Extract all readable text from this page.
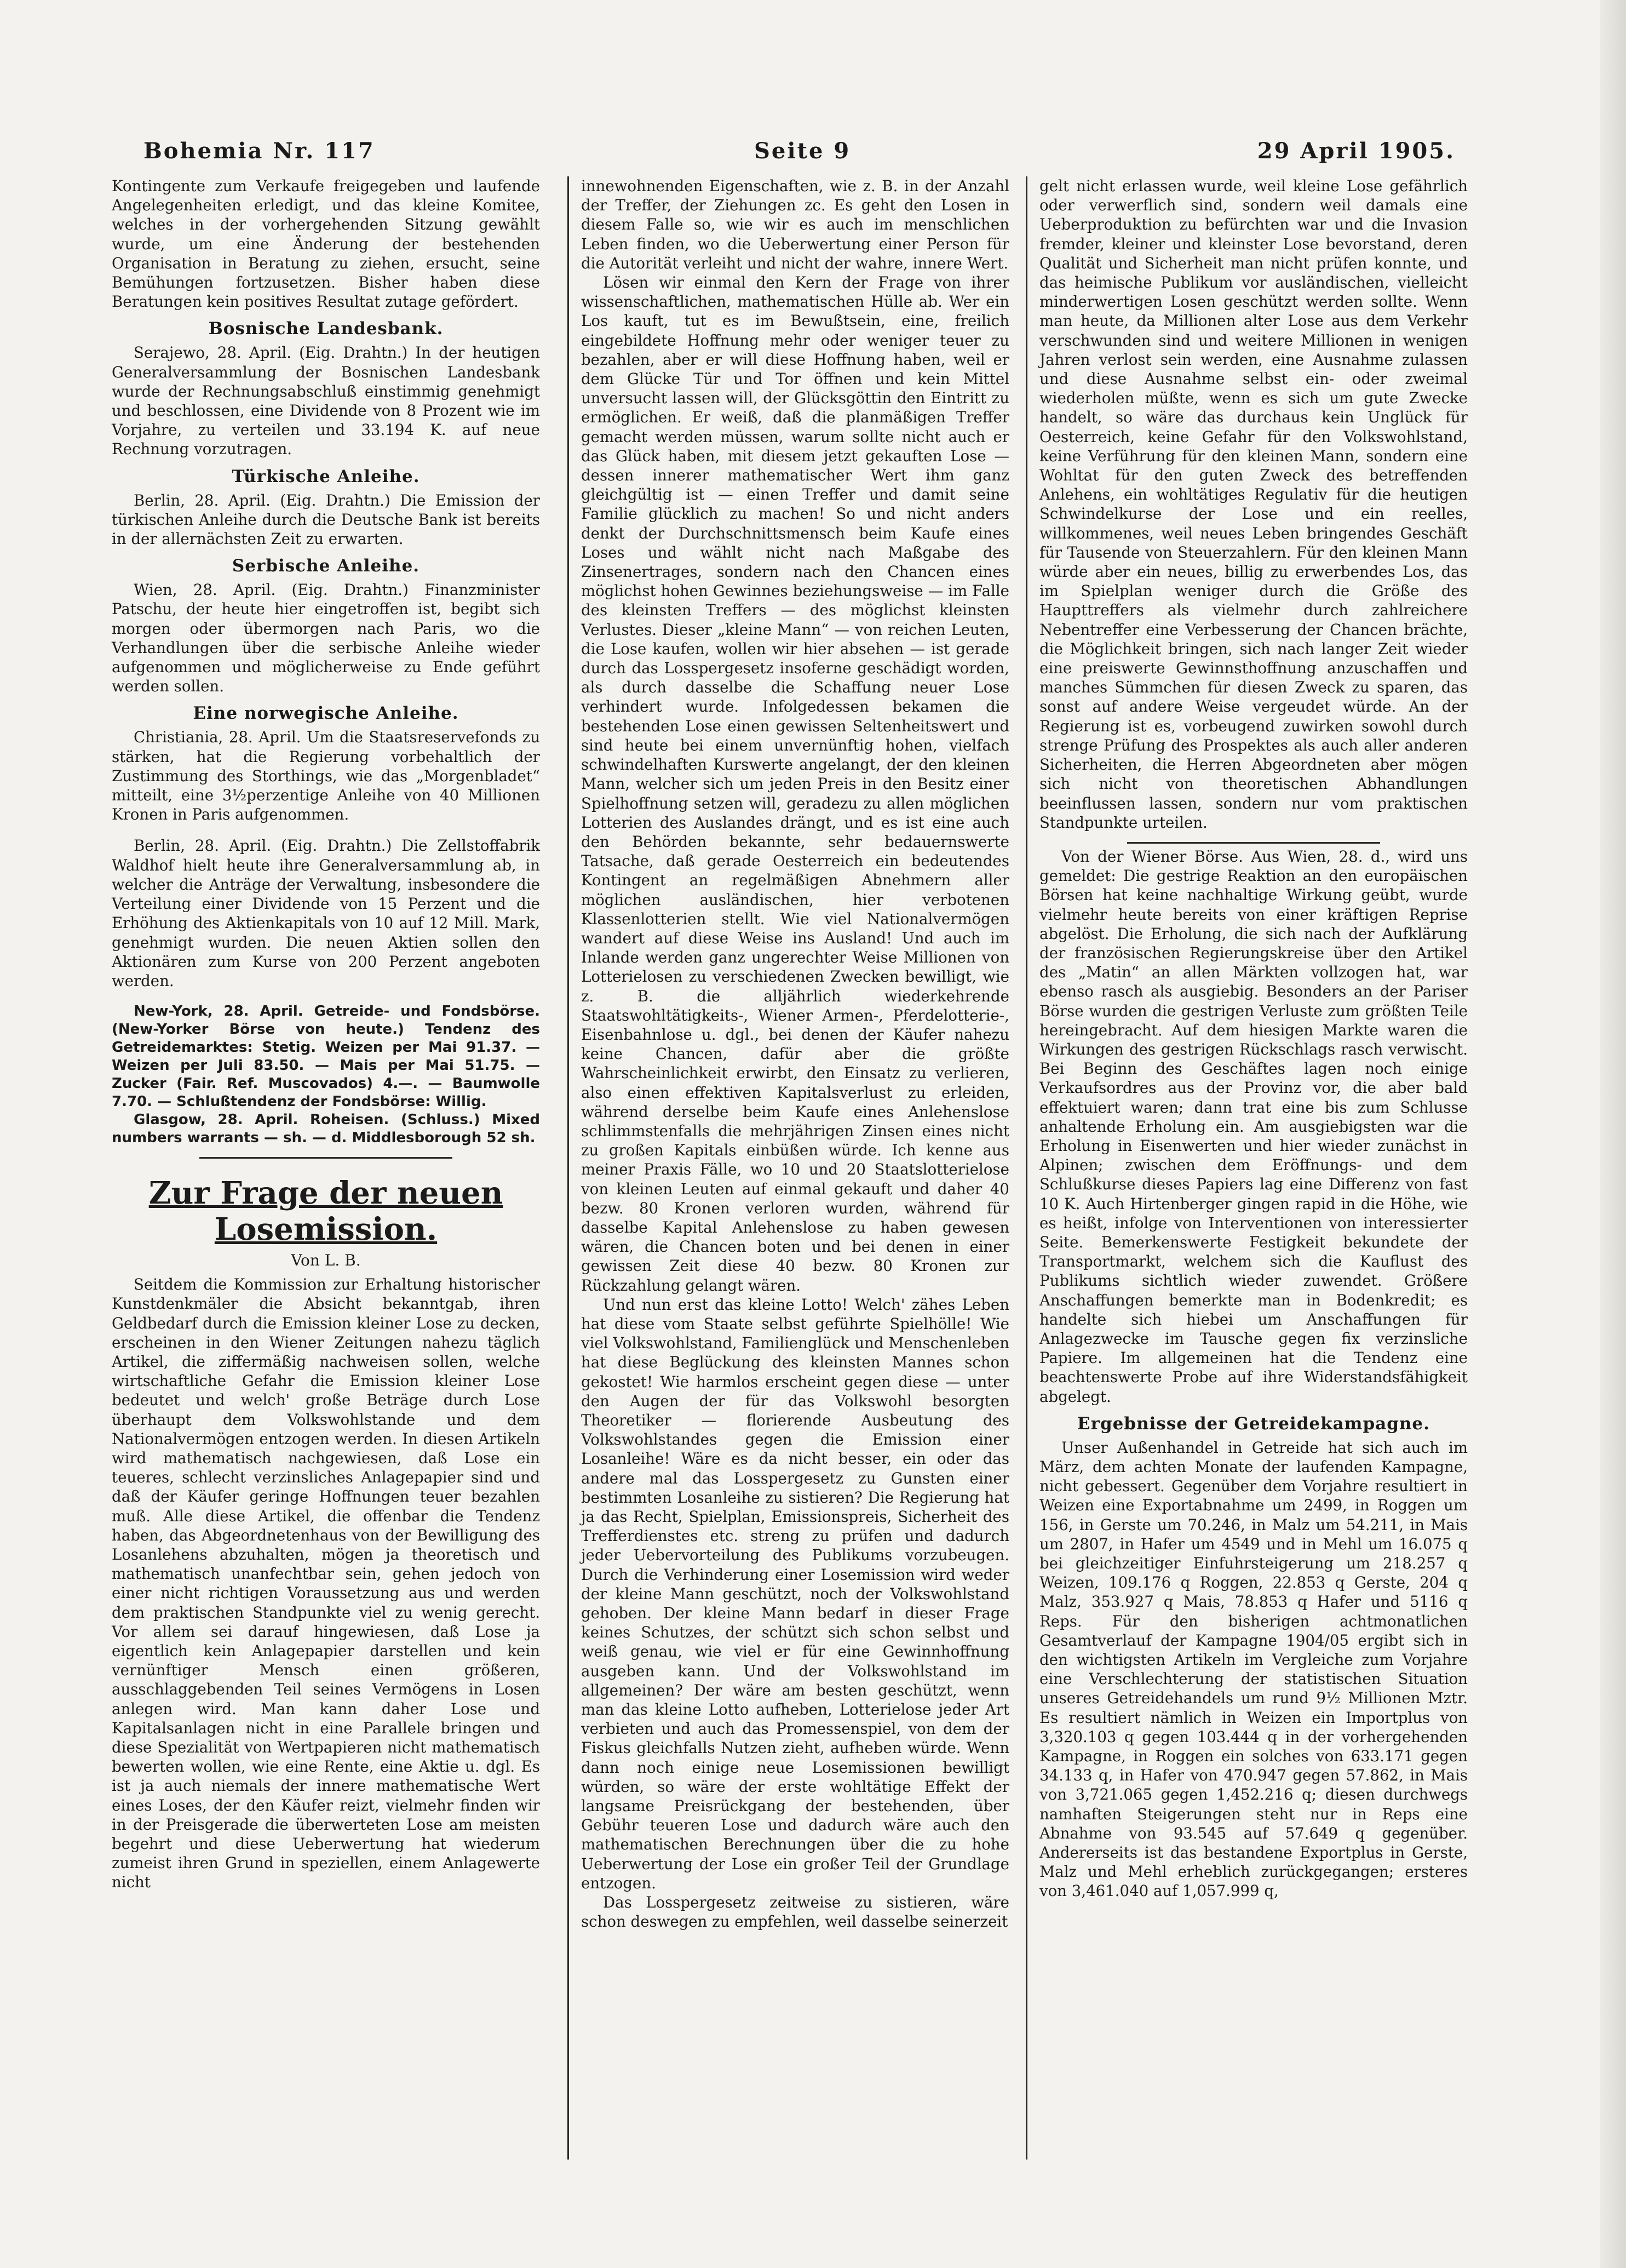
Bohemia Nr. 117	Seite 9	29 April 1905.

Kontingente zum Verkaufe freigegeben und laufende Angelegenheiten erledigt, und das kleine Komitee, welches in der vorhergehenden Sitzung gewählt wurde, um eine Änderung der bestehenden Organisation in Beratung zu ziehen, ersucht, seine Bemühungen fortzusetzen. Bisher haben diese Beratungen kein positives Resultat zutage gefördert.

Bosnische Landesbank.

Serajewo, 28. April. (Eig. Drahtn.) In der heutigen Generalversammlung der Bosnischen Landesbank wurde der Rechnungsabschluß einstimmig genehmigt und beschlossen, eine Dividende von 8 Prozent wie im Vorjahre, zu verteilen und 33.194 K. auf neue Rechnung vorzutragen.

Türkische Anleihe.

Berlin, 28. April. (Eig. Drahtn.) Die Emission der türkischen Anleihe durch die Deutsche Bank ist bereits in der allernächsten Zeit zu erwarten.

Serbische Anleihe.

Wien, 28. April. (Eig. Drahtn.) Finanzminister Patschu, der heute hier eingetroffen ist, begibt sich morgen oder übermorgen nach Paris, wo die Verhandlungen über die serbische Anleihe wieder aufgenommen und möglicherweise zu Ende geführt werden sollen.

Eine norwegische Anleihe.

Christiania, 28. April. Um die Staatsreservefonds zu stärken, hat die Regierung vorbehaltlich der Zustimmung des Storthings, wie das „Morgenbladet“ mitteilt, eine 3½perzentige Anleihe von 40 Millionen Kronen in Paris aufgenommen.

Berlin, 28. April. (Eig. Drahtn.) Die Zellstoffabrik Waldhof hielt heute ihre Generalversammlung ab, in welcher die Anträge der Verwaltung, insbesondere die Verteilung einer Dividende von 15 Perzent und die Erhöhung des Aktienkapitals von 10 auf 12 Mill. Mark, genehmigt wurden. Die neuen Aktien sollen den Aktionären zum Kurse von 200 Perzent angeboten werden.

New-York, 28. April. Getreide- und Fondsbörse. (New-Yorker Börse von heute.) Tendenz des Getreidemarktes: Stetig. Weizen per Mai 91.37. — Weizen per Juli 83.50. — Mais per Mai 51.75. — Zucker (Fair. Ref. Muscovados) 4.—. — Baumwolle 7.70. — Schlußtendenz der Fondsbörse: Willig.

Glasgow, 28. April. Roheisen. (Schluss.) Mixed numbers warrants — sh. — d. Middlesborough 52 sh.

Zur Frage der neuen Losemission.
Von L. B.

Seitdem die Kommission zur Erhaltung historischer Kunstdenkmäler die Absicht bekanntgab, ihren Geldbedarf durch die Emission kleiner Lose zu decken, erscheinen in den Wiener Zeitungen nahezu täglich Artikel, die ziffermäßig nachweisen sollen, welche wirtschaftliche Gefahr die Emission kleiner Lose bedeutet und welch' große Beträge durch Lose überhaupt dem Volkswohlstande und dem Nationalvermögen entzogen werden. In diesen Artikeln wird mathematisch nachgewiesen, daß Lose ein teueres, schlecht verzinsliches Anlagepapier sind und daß der Käufer geringe Hoffnungen teuer bezahlen muß. Alle diese Artikel, die offenbar die Tendenz haben, das Abgeordnetenhaus von der Bewilligung des Losanlehens abzuhalten, mögen ja theoretisch und mathematisch unanfechtbar sein, gehen jedoch von einer nicht richtigen Voraussetzung aus und werden dem praktischen Standpunkte viel zu wenig gerecht. Vor allem sei darauf hingewiesen, daß Lose ja eigentlich kein Anlagepapier darstellen und kein vernünftiger Mensch einen größeren, ausschlaggebenden Teil seines Vermögens in Losen anlegen wird. Man kann daher Lose und Kapitalsanlagen nicht in eine Parallele bringen und diese Spezialität von Wertpapieren nicht mathematisch bewerten wollen, wie eine Rente, eine Aktie u. dgl. Es ist ja auch niemals der innere mathematische Wert eines Loses, der den Käufer reizt, vielmehr finden wir in der Preisgerade die überwerteten Lose am meisten begehrt und diese Ueberwertung hat wiederum zumeist ihren Grund in speziellen, einem Anlagewerte nicht

innewohnenden Eigenschaften, wie z. B. in der Anzahl der Treffer, der Ziehungen zc. Es geht den Losen in diesem Falle so, wie wir es auch im menschlichen Leben finden, wo die Ueberwertung einer Person für die Autorität verleiht und nicht der wahre, innere Wert.

Lösen wir einmal den Kern der Frage von ihrer wissenschaftlichen, mathematischen Hülle ab. Wer ein Los kauft, tut es im Bewußtsein, eine, freilich eingebildete Hoffnung mehr oder weniger teuer zu bezahlen, aber er will diese Hoffnung haben, weil er dem Glücke Tür und Tor öffnen und kein Mittel unversucht lassen will, der Glücksgöttin den Eintritt zu ermöglichen. Er weiß, daß die planmäßigen Treffer gemacht werden müssen, warum sollte nicht auch er das Glück haben, mit diesem jetzt gekauften Lose — dessen innerer mathematischer Wert ihm ganz gleichgültig ist — einen Treffer und damit seine Familie glücklich zu machen! So und nicht anders denkt der Durchschnittsmensch beim Kaufe eines Loses und wählt nicht nach Maßgabe des Zinsenertrages, sondern nach den Chancen eines möglichst hohen Gewinnes beziehungsweise — im Falle des kleinsten Treffers — des möglichst kleinsten Verlustes. Dieser „kleine Mann“ — von reichen Leuten, die Lose kaufen, wollen wir hier absehen — ist gerade durch das Losspergesetz insoferne geschädigt worden, als durch dasselbe die Schaffung neuer Lose verhindert wurde. Infolgedessen bekamen die bestehenden Lose einen gewissen Seltenheitswert und sind heute bei einem unvernünftig hohen, vielfach schwindelhaften Kurswerte angelangt, der den kleinen Mann, welcher sich um jeden Preis in den Besitz einer Spielhoffnung setzen will, geradezu zu allen möglichen Lotterien des Auslandes drängt, und es ist eine auch den Behörden bekannte, sehr bedauernswerte Tatsache, daß gerade Oesterreich ein bedeutendes Kontingent an regelmäßigen Abnehmern aller möglichen ausländischen, hier verbotenen Klassenlotterien stellt. Wie viel Nationalvermögen wandert auf diese Weise ins Ausland! Und auch im Inlande werden ganz ungerechter Weise Millionen von Lotterielosen zu verschiedenen Zwecken bewilligt, wie z. B. die alljährlich wiederkehrende Staatswohltätigkeits-, Wiener Armen-, Pferdelotterie-, Eisenbahnlose u. dgl., bei denen der Käufer nahezu keine Chancen, dafür aber die größte Wahrscheinlichkeit erwirbt, den Einsatz zu verlieren, also einen effektiven Kapitalsverlust zu erleiden, während derselbe beim Kaufe eines Anlehenslose schlimmstenfalls die mehrjährigen Zinsen eines nicht zu großen Kapitals einbüßen würde. Ich kenne aus meiner Praxis Fälle, wo 10 und 20 Staatslotterielose von kleinen Leuten auf einmal gekauft und daher 40 bezw. 80 Kronen verloren wurden, während für dasselbe Kapital Anlehenslose zu haben gewesen wären, die Chancen boten und bei denen in einer gewissen Zeit diese 40 bezw. 80 Kronen zur Rückzahlung gelangt wären.

Und nun erst das kleine Lotto! Welch' zähes Leben hat diese vom Staate selbst geführte Spielhölle! Wie viel Volkswohlstand, Familienglück und Menschenleben hat diese Beglückung des kleinsten Mannes schon gekostet! Wie harmlos erscheint gegen diese — unter den Augen der für das Volkswohl besorgten Theoretiker — florierende Ausbeutung des Volkswohlstandes gegen die Emission einer Losanleihe! Wäre es da nicht besser, ein oder das andere mal das Losspergesetz zu Gunsten einer bestimmten Losanleihe zu sistieren? Die Regierung hat ja das Recht, Spielplan, Emissionspreis, Sicherheit des Trefferdienstes etc. streng zu prüfen und dadurch jeder Uebervorteilung des Publikums vorzubeugen. Durch die Verhinderung einer Losemission wird weder der kleine Mann geschützt, noch der Volkswohlstand gehoben. Der kleine Mann bedarf in dieser Frage keines Schutzes, der schützt sich schon selbst und weiß genau, wie viel er für eine Gewinnhoffnung ausgeben kann. Und der Volkswohlstand im allgemeinen? Der wäre am besten geschützt, wenn man das kleine Lotto aufheben, Lotterielose jeder Art verbieten und auch das Promessenspiel, von dem der Fiskus gleichfalls Nutzen zieht, aufheben würde. Wenn dann noch einige neue Losemissionen bewilligt würden, so wäre der erste wohltätige Effekt der langsame Preisrückgang der bestehenden, über Gebühr teueren Lose und dadurch wäre auch den mathematischen Berechnungen über die zu hohe Ueberwertung der Lose ein großer Teil der Grundlage entzogen.

Das Losspergesetz zeitweise zu sistieren, wäre schon deswegen zu empfehlen, weil dasselbe seinerzeit

gelt nicht erlassen wurde, weil kleine Lose gefährlich oder verwerflich sind, sondern weil damals eine Ueberproduktion zu befürchten war und die Invasion fremder, kleiner und kleinster Lose bevorstand, deren Qualität und Sicherheit man nicht prüfen konnte, und das heimische Publikum vor ausländischen, vielleicht minderwertigen Losen geschützt werden sollte. Wenn man heute, da Millionen alter Lose aus dem Verkehr verschwunden sind und weitere Millionen in wenigen Jahren verlost sein werden, eine Ausnahme zulassen und diese Ausnahme selbst ein- oder zweimal wiederholen müßte, wenn es sich um gute Zwecke handelt, so wäre das durchaus kein Unglück für Oesterreich, keine Gefahr für den Volkswohlstand, keine Verführung für den kleinen Mann, sondern eine Wohltat für den guten Zweck des betreffenden Anlehens, ein wohltätiges Regulativ für die heutigen Schwindelkurse der Lose und ein reelles, willkommenes, weil neues Leben bringendes Geschäft für Tausende von Steuerzahlern. Für den kleinen Mann würde aber ein neues, billig zu erwerbendes Los, das im Spielplan weniger durch die Größe des Haupttreffers als vielmehr durch zahlreichere Nebentreffer eine Verbesserung der Chancen brächte, die Möglichkeit bringen, sich nach langer Zeit wieder eine preiswerte Gewinnsthoffnung anzuschaffen und manches Sümmchen für diesen Zweck zu sparen, das sonst auf andere Weise vergeudet würde. An der Regierung ist es, vorbeugend zuwirken sowohl durch strenge Prüfung des Prospektes als auch aller anderen Sicherheiten, die Herren Abgeordneten aber mögen sich nicht von theoretischen Abhandlungen beeinflussen lassen, sondern nur vom praktischen Standpunkte urteilen.

Von der Wiener Börse. Aus Wien, 28. d., wird uns gemeldet: Die gestrige Reaktion an den europäischen Börsen hat keine nachhaltige Wirkung geübt, wurde vielmehr heute bereits von einer kräftigen Reprise abgelöst. Die Erholung, die sich nach der Aufklärung der französischen Regierungskreise über den Artikel des „Matin“ an allen Märkten vollzogen hat, war ebenso rasch als ausgiebig. Besonders an der Pariser Börse wurden die gestrigen Verluste zum größten Teile hereingebracht. Auf dem hiesigen Markte waren die Wirkungen des gestrigen Rückschlags rasch verwischt. Bei Beginn des Geschäftes lagen noch einige Verkaufsordres aus der Provinz vor, die aber bald effektuiert waren; dann trat eine bis zum Schlusse anhaltende Erholung ein. Am ausgiebigsten war die Erholung in Eisenwerten und hier wieder zunächst in Alpinen; zwischen dem Eröffnungs- und dem Schlußkurse dieses Papiers lag eine Differenz von fast 10 K. Auch Hirtenberger gingen rapid in die Höhe, wie es heißt, infolge von Interventionen von interessierter Seite. Bemerkenswerte Festigkeit bekundete der Transportmarkt, welchem sich die Kauflust des Publikums sichtlich wieder zuwendet. Größere Anschaffungen bemerkte man in Bodenkredit; es handelte sich hiebei um Anschaffungen für Anlagezwecke im Tausche gegen fix verzinsliche Papiere. Im allgemeinen hat die Tendenz eine beachtenswerte Probe auf ihre Widerstandsfähigkeit abgelegt.

Ergebnisse der Getreidekampagne.

Unser Außenhandel in Getreide hat sich auch im März, dem achten Monate der laufenden Kampagne, nicht gebessert. Gegenüber dem Vorjahre resultiert in Weizen eine Exportabnahme um 2499, in Roggen um 156, in Gerste um 70.246, in Malz um 54.211, in Mais um 2807, in Hafer um 4549 und in Mehl um 16.075 q bei gleichzeitiger Einfuhrsteigerung um 218.257 q Weizen, 109.176 q Roggen, 22.853 q Gerste, 204 q Malz, 353.927 q Mais, 78.853 q Hafer und 5116 q Reps. Für den bisherigen achtmonatlichen Gesamtverlauf der Kampagne 1904/05 ergibt sich in den wichtigsten Artikeln im Vergleiche zum Vorjahre eine Verschlechterung der statistischen Situation unseres Getreidehandels um rund 9½ Millionen Mztr. Es resultiert nämlich in Weizen ein Importplus von 3,320.103 q gegen 103.444 q in der vorhergehenden Kampagne, in Roggen ein solches von 633.171 gegen 34.133 q, in Hafer von 470.947 gegen 57.862, in Mais von 3,721.065 gegen 1,452.216 q; diesen durchwegs namhaften Steigerungen steht nur in Reps eine Abnahme von 93.545 auf 57.649 q gegenüber. Andererseits ist das bestandene Exportplus in Gerste, Malz und Mehl erheblich zurückgegangen; ersteres von 3,461.040 auf 1,057.999 q,
